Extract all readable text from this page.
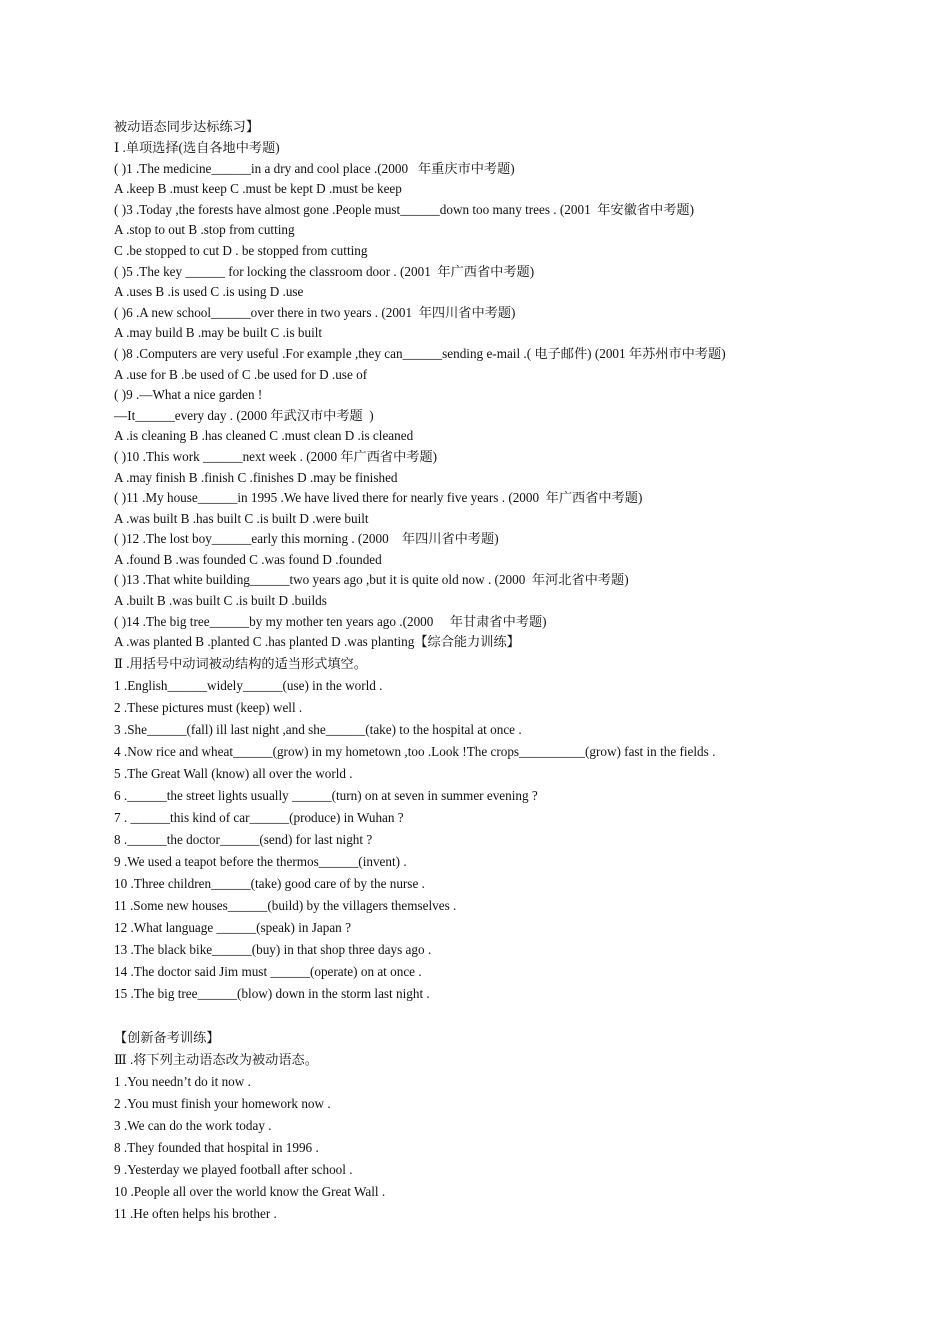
被动语态同步达标练习】
Ⅰ .单项选择(选自各地中考题)
( )1 .The medicine______in a dry and cool place .(2000   年重庆市中考题)
A .keep B .must keep C .must be kept D .must be keep
( )3 .Today ,the forests have almost gone .People must______down too many trees . (2001  年安徽省中考题)
A .stop to out B .stop from cutting
C .be stopped to cut D . be stopped from cutting
( )5 .The key ______ for locking the classroom door . (2001  年广西省中考题)
A .uses B .is used C .is using D .use
( )6 .A new school______over there in two years . (2001  年四川省中考题)
A .may build B .may be built C .is built
( )8 .Computers are very useful .For example ,they can______sending e-mail .( 电子邮件) (2001 年苏州市中考题)
A .use for B .be used of C .be used for D .use of
( )9 .—What a nice garden !
—It______every day . (2000 年武汉市中考题  )
A .is cleaning B .has cleaned C .must clean D .is cleaned
( )10 .This work ______next week . (2000 年广西省中考题)
A .may finish B .finish C .finishes D .may be finished
( )11 .My house______in 1995 .We have lived there for nearly five years . (2000  年广西省中考题)
A .was built B .has built C .is built D .were built
( )12 .The lost boy______early this morning . (2000    年四川省中考题)
A .found B .was founded C .was found D .founded
( )13 .That white building______two years ago ,but it is quite old now . (2000  年河北省中考题)
A .built B .was built C .is built D .builds
( )14 .The big tree______by my mother ten years ago .(2000     年甘肃省中考题)
A .was planted B .planted C .has planted D .was planting【综合能力训练】
Ⅱ .用括号中动词被动结构的适当形式填空。
1 .English______widely______(use) in the world .
2 .These pictures must (keep) well .
3 .She______(fall) ill last night ,and she______(take) to the hospital at once .
4 .Now rice and wheat______(grow) in my hometown ,too .Look !The crops__________(grow) fast in the fields .
5 .The Great Wall (know) all over the world .
6 .______the street lights usually ______(turn) on at seven in summer evening ?
7 . ______this kind of car______(produce) in Wuhan ?
8 .______the doctor______(send) for last night ?
9 .We used a teapot before the thermos______(invent) .
10 .Three children______(take) good care of by the nurse .
11 .Some new houses______(build) by the villagers themselves .
12 .What language ______(speak) in Japan ?
13 .The black bike______(buy) in that shop three days ago .
14 .The doctor said Jim must ______(operate) on at once .
15 .The big tree______(blow) down in the storm last night .
【创新备考训练】
Ⅲ .将下列主动语态改为被动语态。
1 .You needn’t do it now .
2 .You must finish your homework now .
3 .We can do the work today .
8 .They founded that hospital in 1996 .
9 .Yesterday we played football after school .
10 .People all over the world know the Great Wall .
11 .He often helps his brother .
